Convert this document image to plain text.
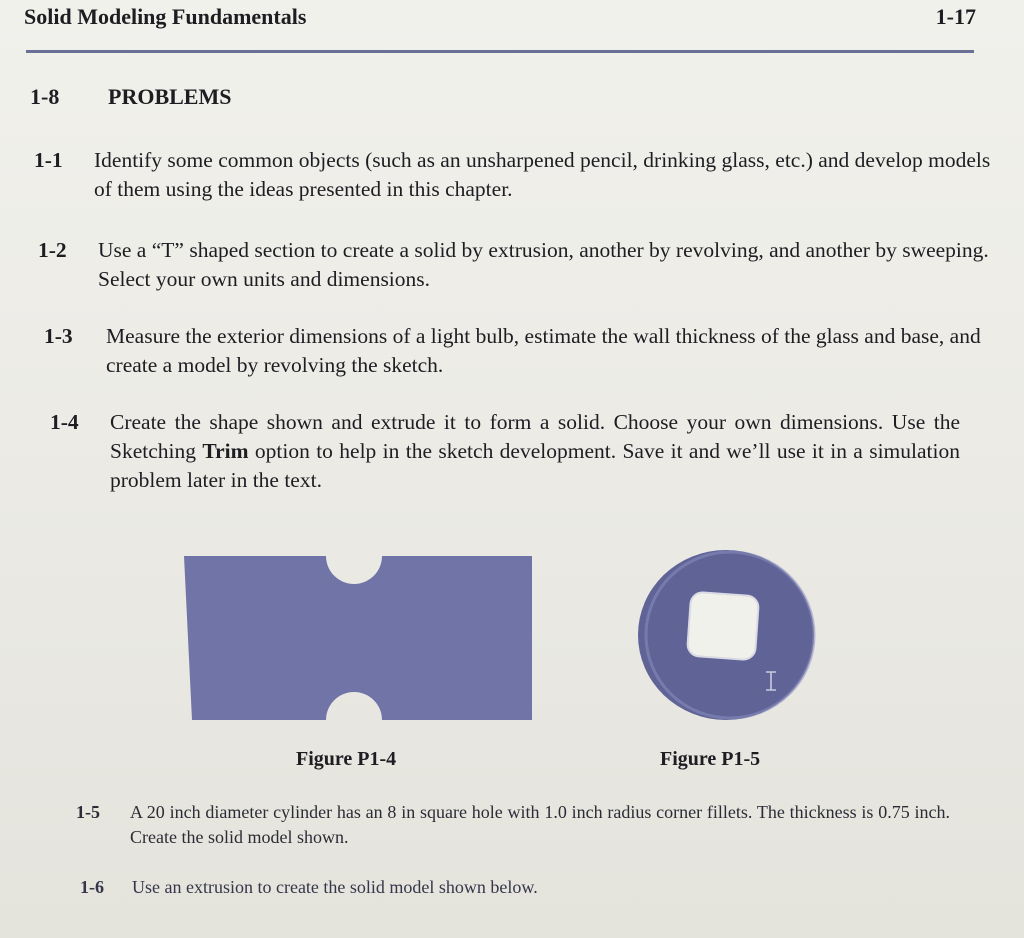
Solid Modeling Fundamentals	1-17
1-8 PROBLEMS
1-1 Identify some common objects (such as an unsharpened pencil, drinking glass, etc.) and develop models of them using the ideas presented in this chapter.
1-2 Use a “T” shaped section to create a solid by extrusion, another by revolving, and another by sweeping. Select your own units and dimensions.
1-3 Measure the exterior dimensions of a light bulb, estimate the wall thickness of the glass and base, and create a model by revolving the sketch.
1-4 Create the shape shown and extrude it to form a solid. Choose your own dimensions. Use the Sketching Trim option to help in the sketch development. Save it and we’ll use it in a simulation problem later in the text.
Figure P1-4	Figure P1-5
1-5 A 20 inch diameter cylinder has an 8 in square hole with 1.0 inch radius corner fillets. The thickness is 0.75 inch. Create the solid model shown.
1-6 Use an extrusion to create the solid model shown below.
